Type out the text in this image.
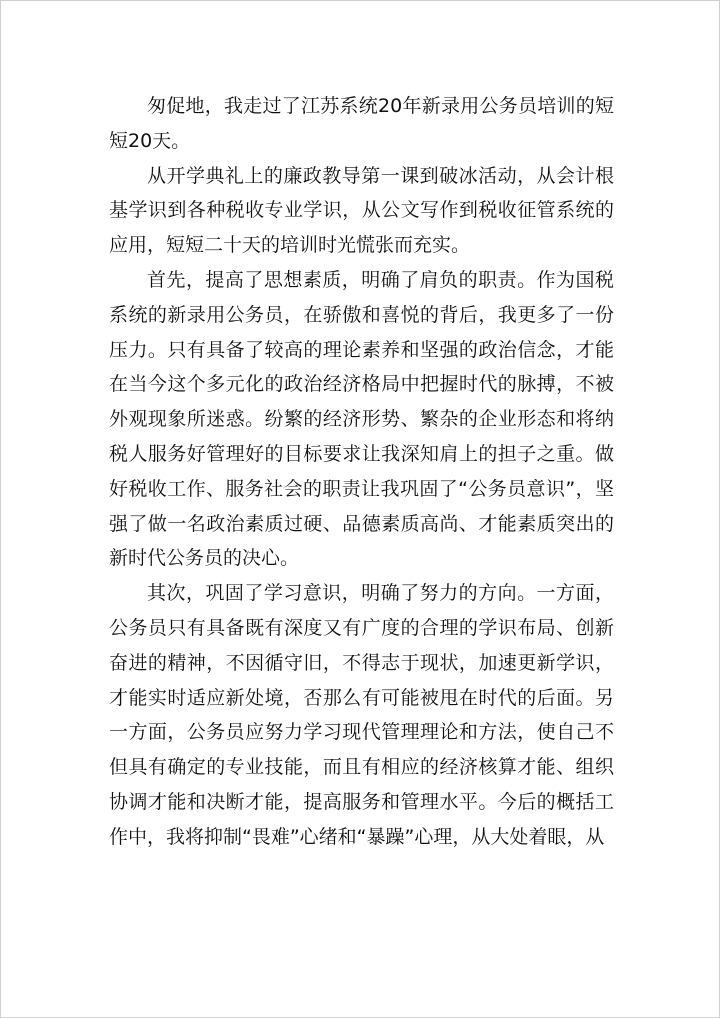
匆促地，我走过了江苏系统20年新录用公务员培训的短短20天。

从开学典礼上的廉政教导第一课到破冰活动，从会计根基学识到各种税收专业学识，从公文写作到税收征管系统的应用，短短二十天的培训时光慌张而充实。

首先，提高了思想素质，明确了肩负的职责。作为国税系统的新录用公务员，在骄傲和喜悦的背后，我更多了一份压力。只有具备了较高的理论素养和坚强的政治信念，才能在当今这个多元化的政治经济格局中把握时代的脉搏，不被外观现象所迷惑。纷繁的经济形势、繁杂的企业形态和将纳税人服务好管理好的目标要求让我深知肩上的担子之重。做好税收工作、服务社会的职责让我巩固了“公务员意识”，坚强了做一名政治素质过硬、品德素质高尚、才能素质突出的新时代公务员的决心。

其次，巩固了学习意识，明确了努力的方向。一方面，公务员只有具备既有深度又有广度的合理的学识布局、创新奋进的精神，不因循守旧，不得志于现状，加速更新学识，才能实时适应新处境，否那么有可能被甩在时代的后面。另一方面，公务员应努力学习现代管理理论和方法，使自己不但具有确定的专业技能，而且有相应的经济核算才能、组织协调才能和决断才能，提高服务和管理水平。今后的概括工作中，我将抑制“畏难”心绪和“暴躁”心理，从大处着眼，从
